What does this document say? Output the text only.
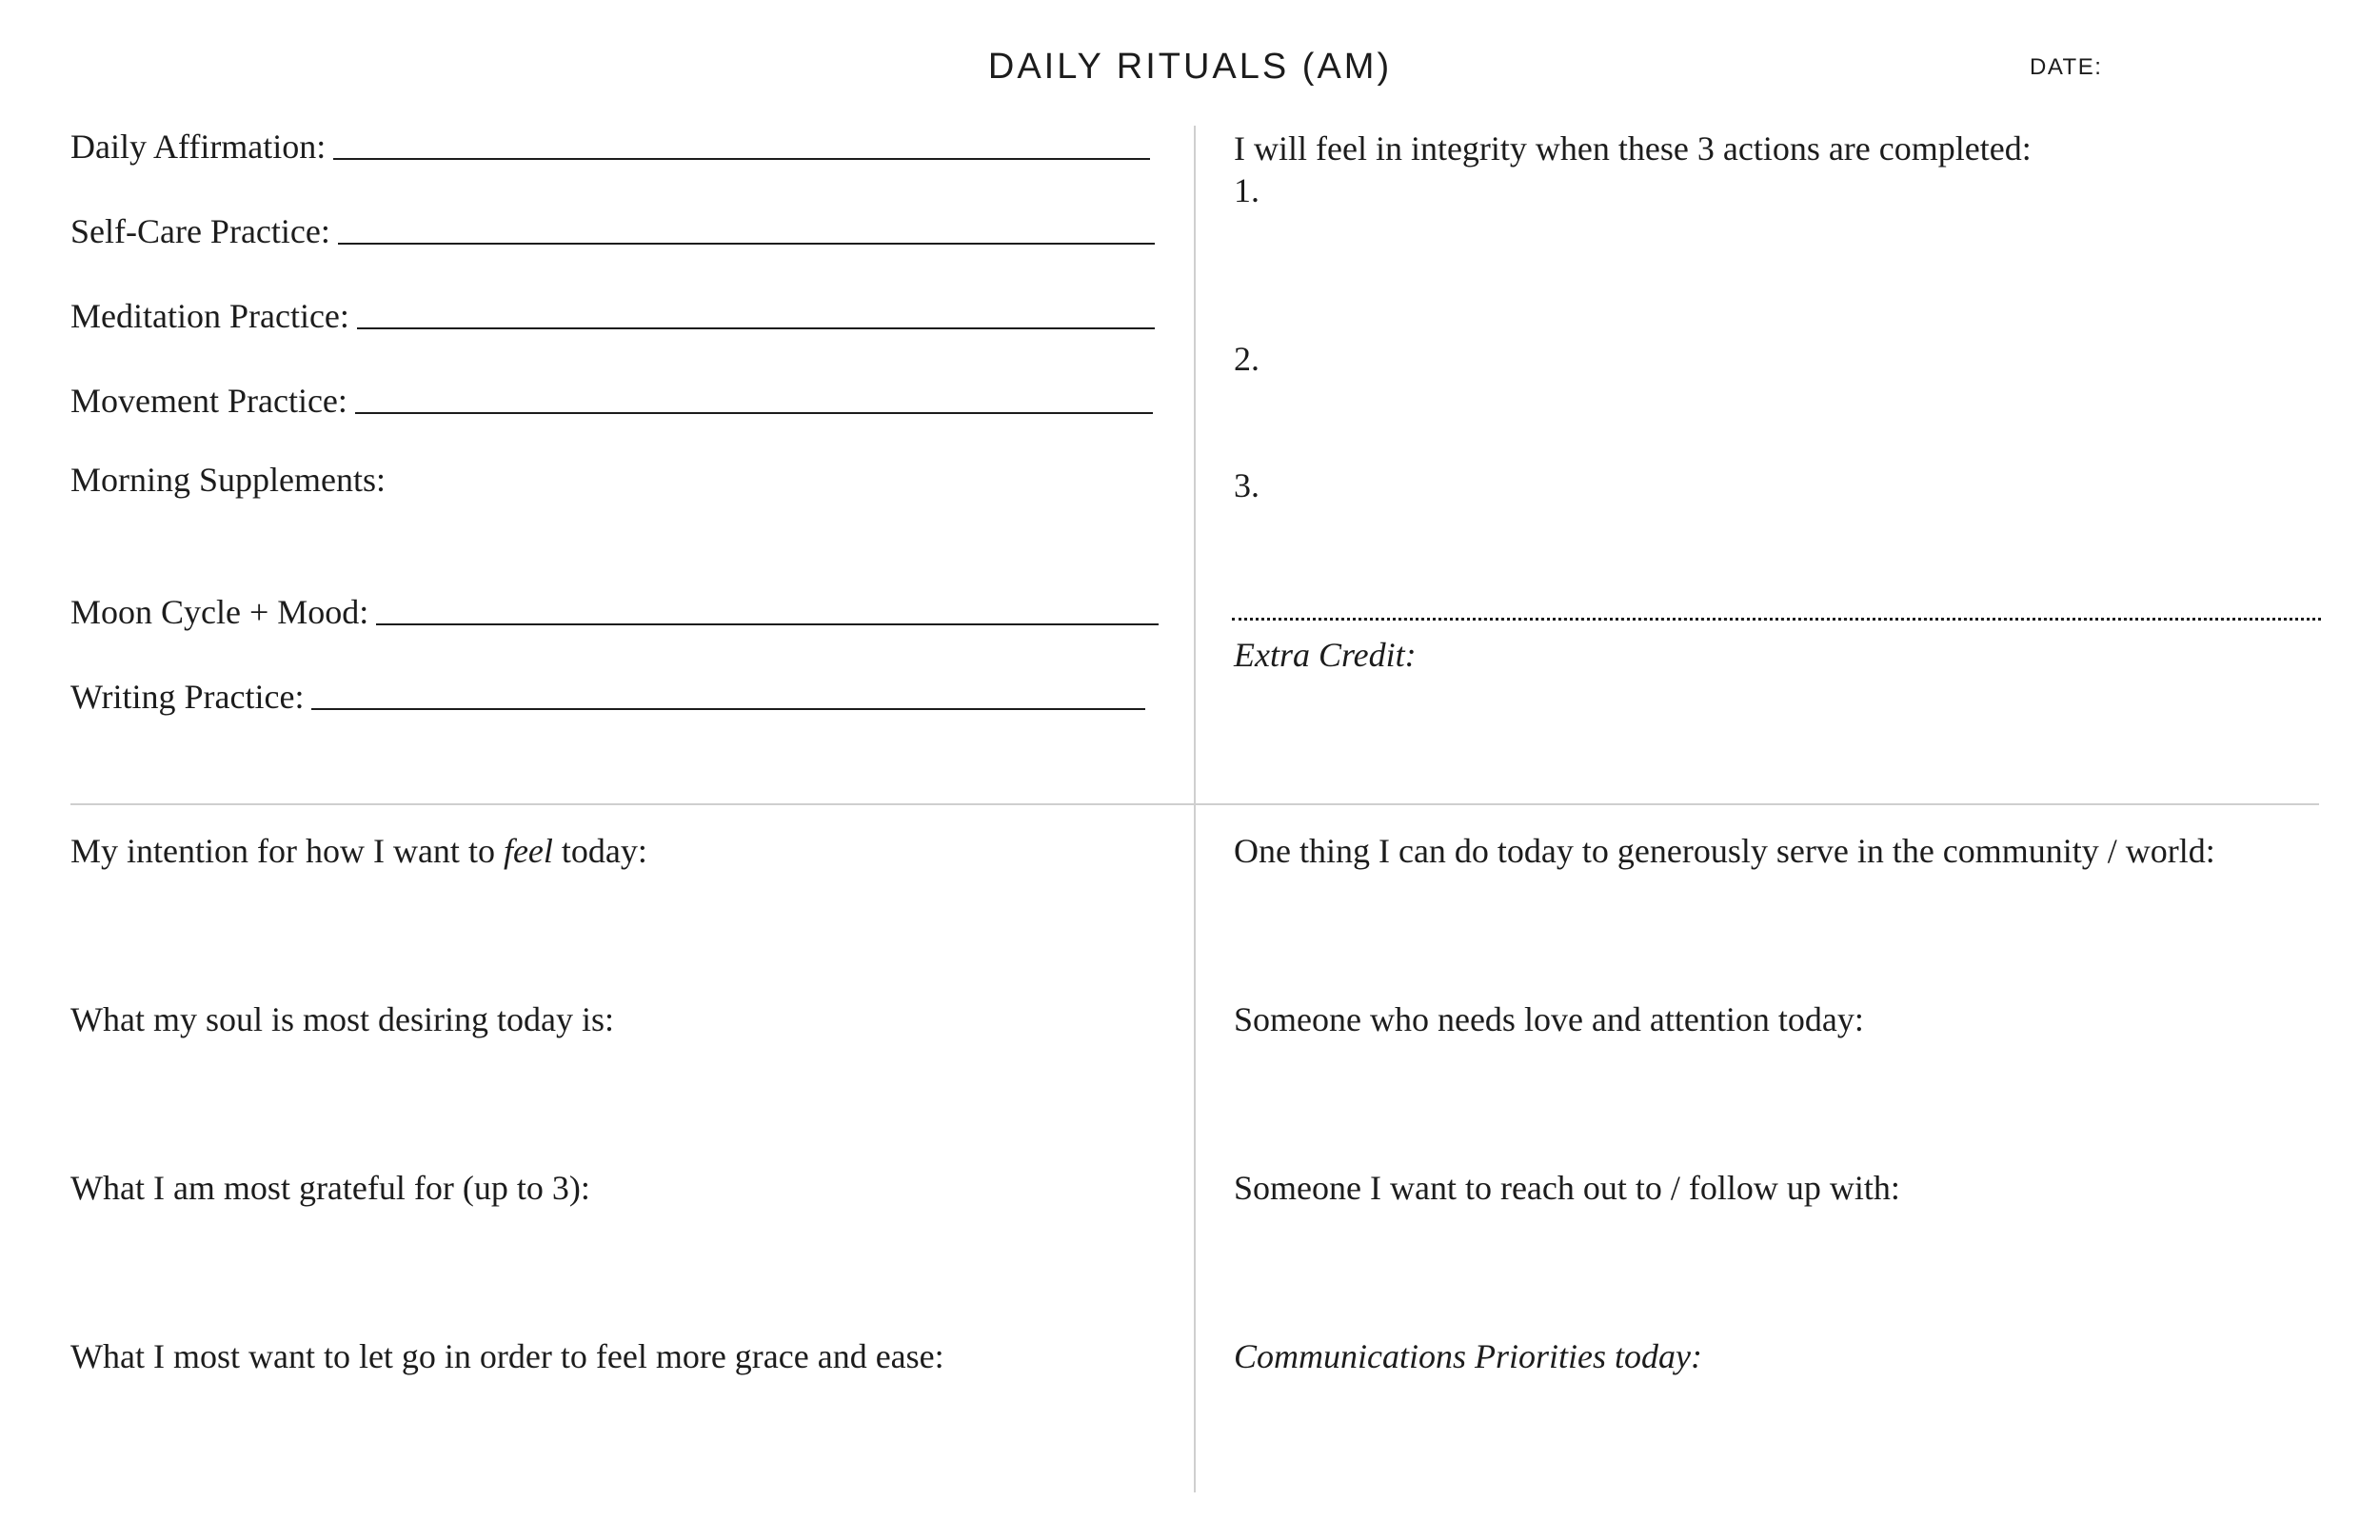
DAILY RITUALS (AM)	DATE:
Daily Affirmation:
Self-Care Practice:
Meditation Practice:
Movement Practice:
Morning Supplements:
Moon Cycle + Mood:
Writing Practice:
I will feel in integrity when these 3 actions are completed:
1.
2.
3.
Extra Credit:
My intention for how I want to feel today:
What my soul is most desiring today is:
What I am most grateful for (up to 3):
What I most want to let go in order to feel more grace and ease:
One thing I can do today to generously serve in the community / world:
Someone who needs love and attention today:
Someone I want to reach out to / follow up with:
Communications Priorities today:
